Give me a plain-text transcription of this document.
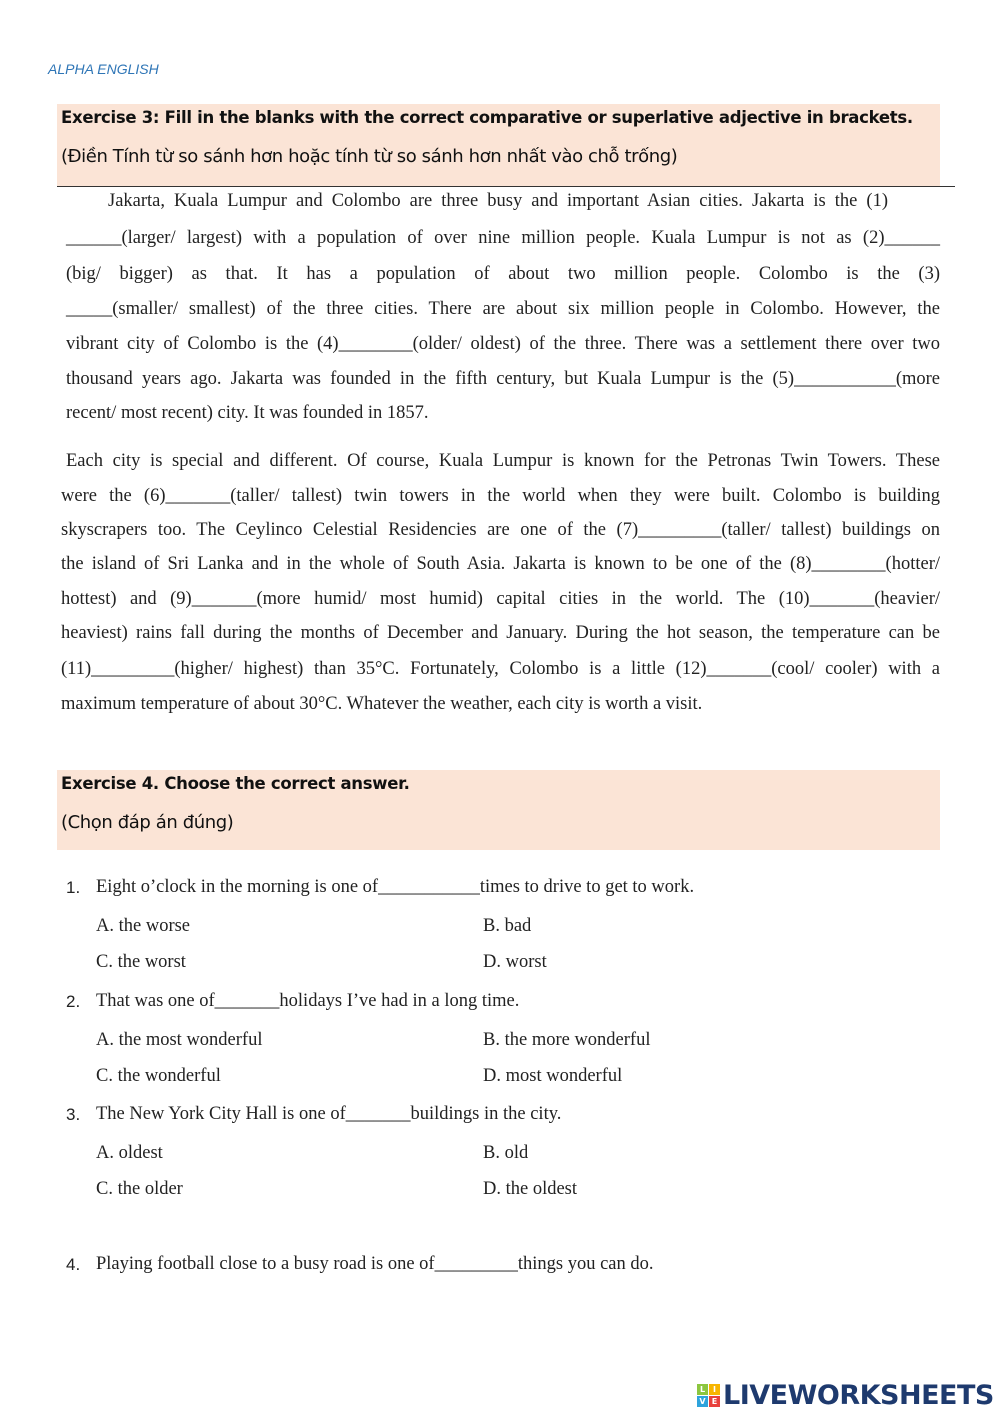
ALPHA ENGLISH
Exercise 3: Fill in the blanks with the correct comparative or superlative adjective in brackets.
(Điền Tính từ so sánh hơn hoặc tính từ so sánh hơn nhất vào chỗ trống)
Jakarta, Kuala Lumpur and Colombo are three busy and important Asian cities. Jakarta is the (1)
______(larger/ largest) with a population of over nine million people. Kuala Lumpur is not as (2)______
(big/ bigger) as that. It has a population of about two million people. Colombo is the (3)
_____(smaller/ smallest) of the three cities. There are about six million people in Colombo. However, the
vibrant city of Colombo is the (4)________(older/ oldest) of the three. There was a settlement there over two
thousand years ago. Jakarta was founded in the fifth century, but Kuala Lumpur is the (5)___________(more
recent/ most recent) city. It was founded in 1857.
Each city is special and different. Of course, Kuala Lumpur is known for the Petronas Twin Towers. These
were the (6)_______(taller/ tallest) twin towers in the world when they were built. Colombo is building
skyscrapers too. The Ceylinco Celestial Residencies are one of the (7)_________(taller/ tallest) buildings on
the island of Sri Lanka and in the whole of South Asia. Jakarta is known to be one of the (8)________(hotter/
hottest) and (9)_______(more humid/ most humid) capital cities in the world. The (10)_______(heavier/
heaviest) rains fall during the months of December and January. During the hot season, the temperature can be
(11)_________(higher/ highest) than 35°C. Fortunately, Colombo is a little (12)_______(cool/ cooler) with a
maximum temperature of about 30°C. Whatever the weather, each city is worth a visit.
Exercise 4. Choose the correct answer.
(Chọn đáp án đúng)
1. Eight o’clock in the morning is one of___________times to drive to get to work.
A. the worse	B. bad
C. the worst	D. worst
2. That was one of_______holidays I’ve had in a long time.
A. the most wonderful	B. the more wonderful
C. the wonderful	D. most wonderful
3. The New York City Hall is one of_______buildings in the city.
A. oldest	B. old
C. the older	D. the oldest
4. Playing football close to a busy road is one of_________things you can do.
L I
V E LIVEWORKSHEETS
